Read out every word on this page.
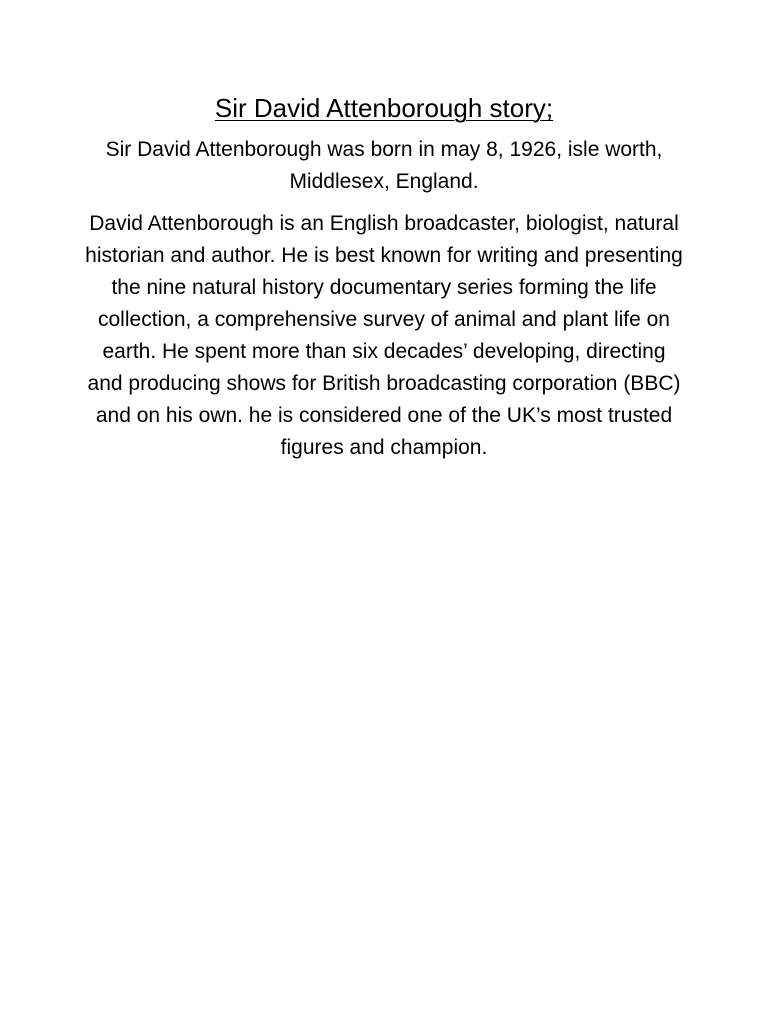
Sir David Attenborough story;

Sir David Attenborough was born in may 8, 1926, isle worth, Middlesex, England.

David Attenborough is an English broadcaster, biologist, natural historian and author. He is best known for writing and presenting the nine natural history documentary series forming the life collection, a comprehensive survey of animal and plant life on earth. He spent more than six decades’ developing, directing and producing shows for British broadcasting corporation (BBC) and on his own. he is considered one of the UK’s most trusted figures and champion.
